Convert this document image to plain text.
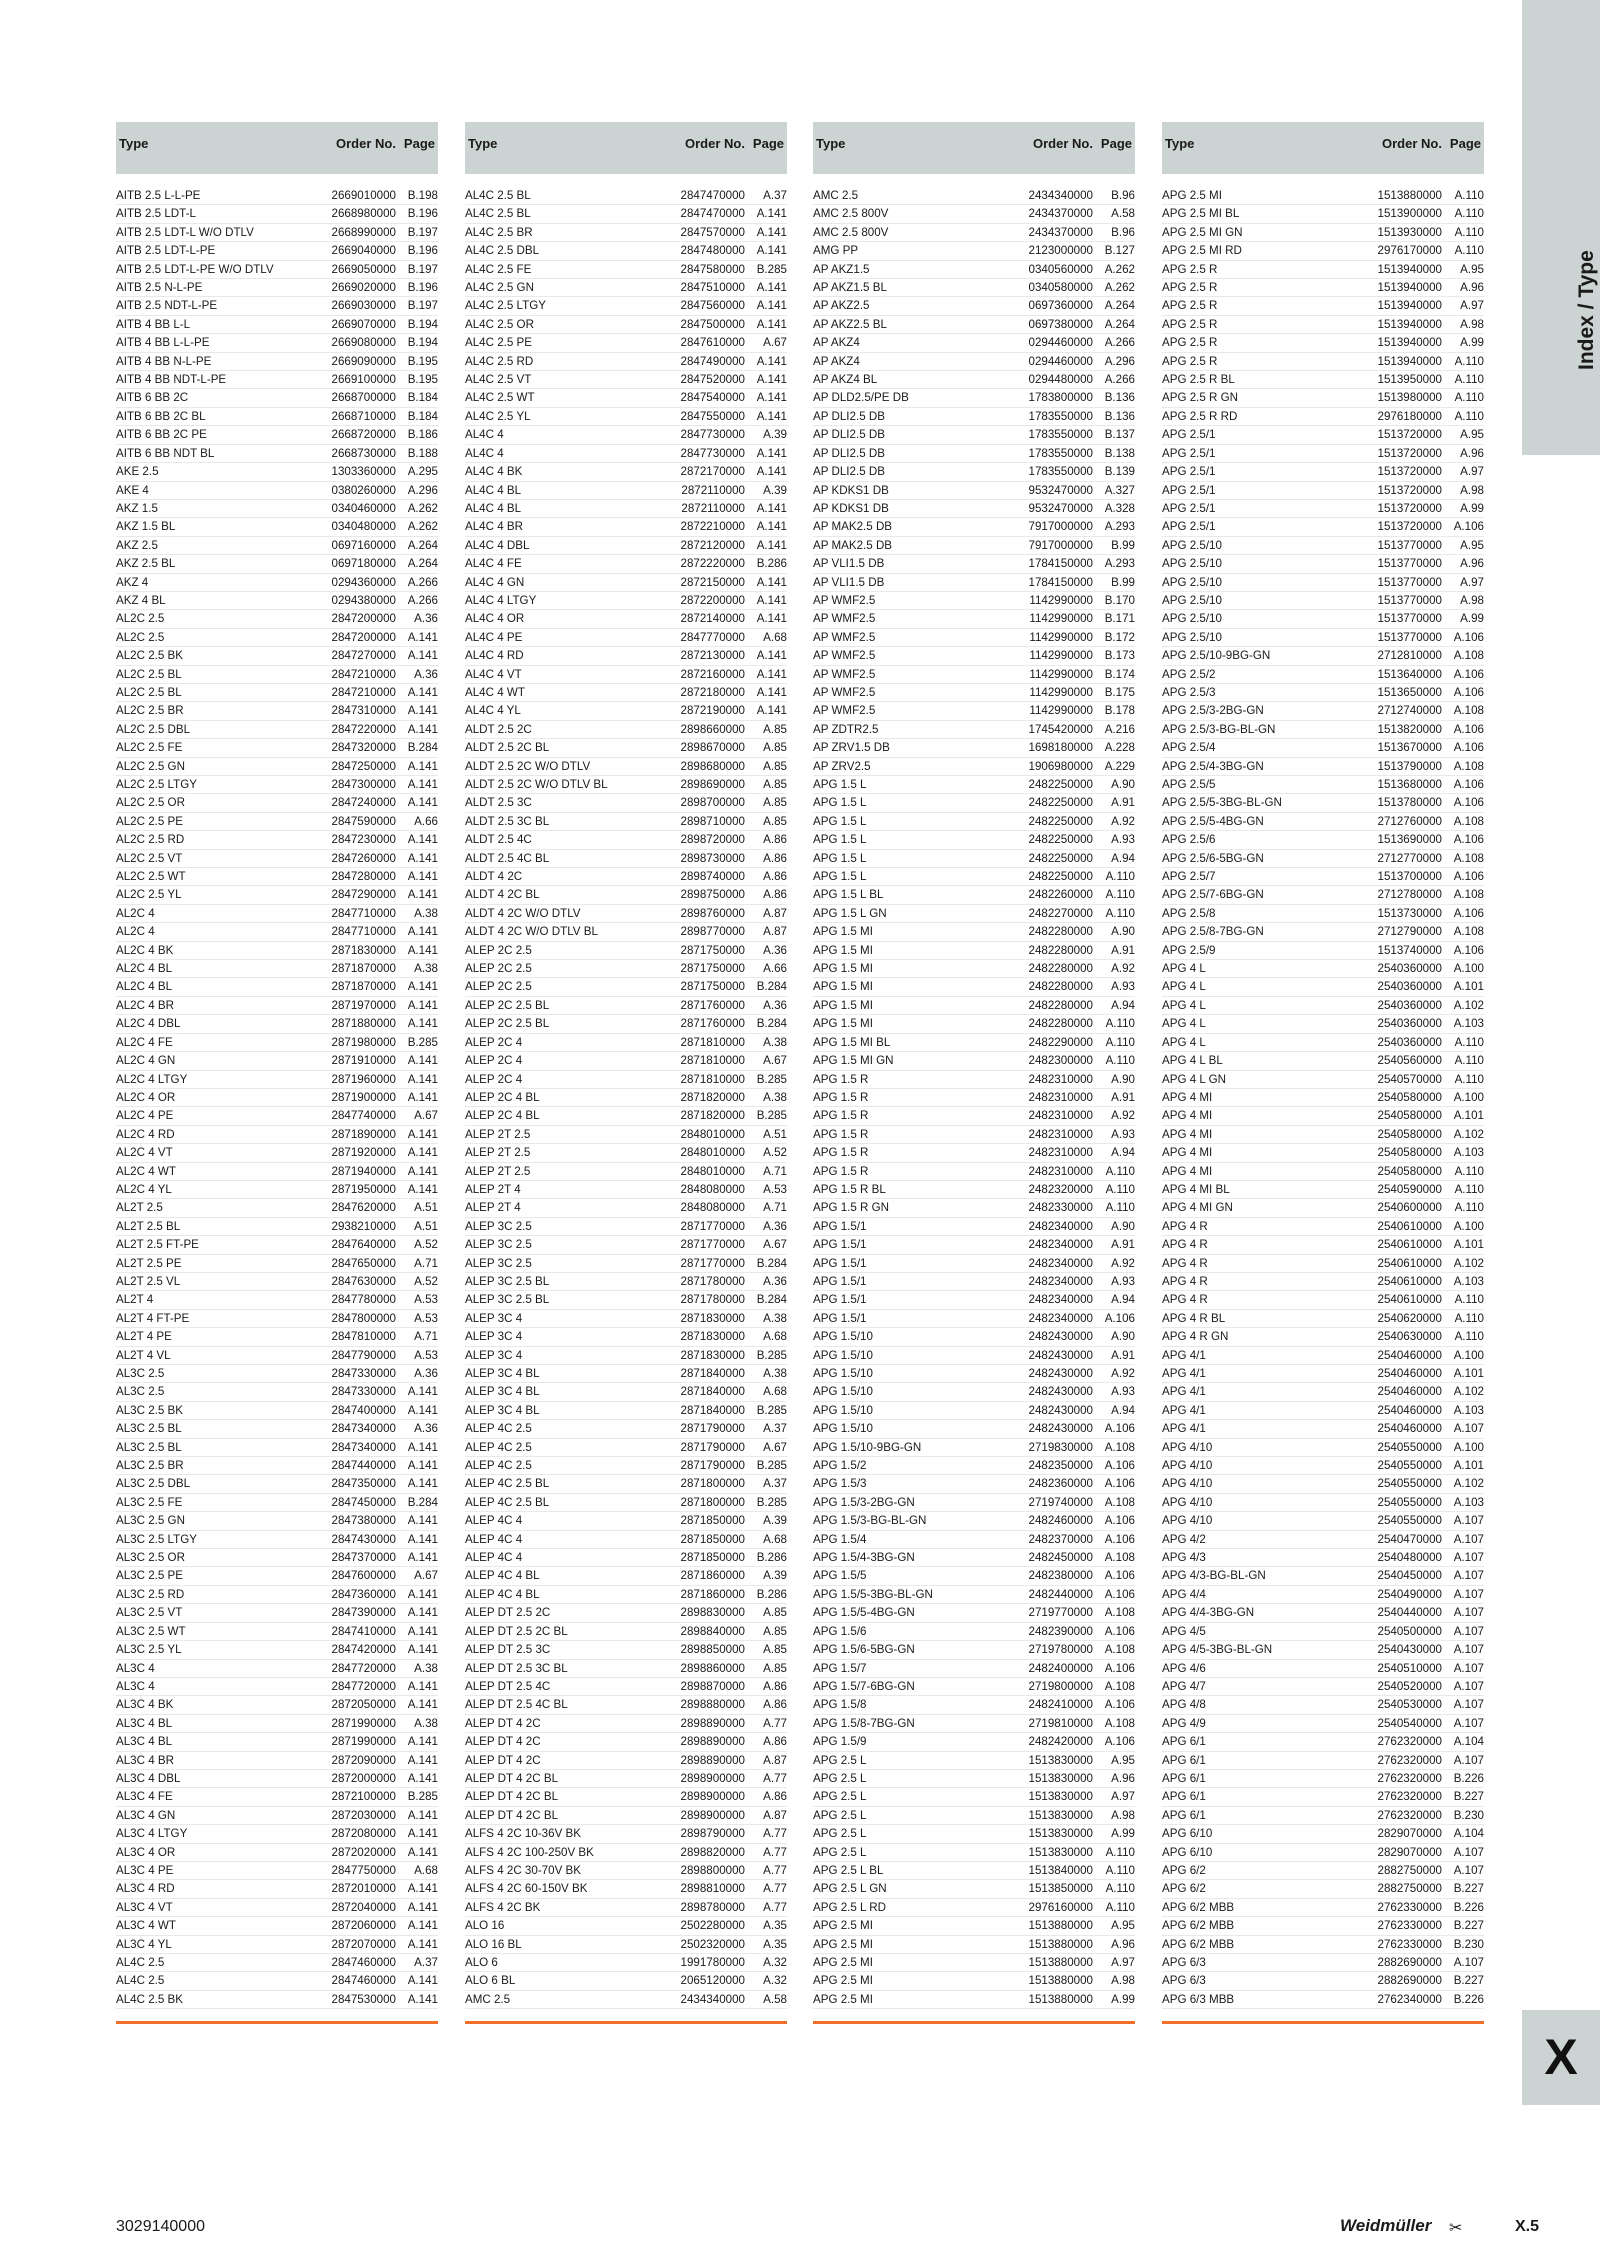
Type	Order No. Page
AITB 2.5 L-L-PE	2669010000	B.198
AITB 2.5 LDT-L	2668980000	B.196
AITB 2.5 LDT-L W/O DTLV	2668990000	B.197
AITB 2.5 LDT-L-PE	2669040000	B.196
AITB 2.5 LDT-L-PE W/O DTLV	2669050000	B.197
AITB 2.5 N-L-PE	2669020000	B.196
AITB 2.5 NDT-L-PE	2669030000	B.197
AITB 4 BB L-L	2669070000	B.194
AITB 4 BB L-L-PE	2669080000	B.194
AITB 4 BB N-L-PE	2669090000	B.195
AITB 4 BB NDT-L-PE	2669100000	B.195
AITB 6 BB 2C	2668700000	B.184
AITB 6 BB 2C BL	2668710000	B.184
AITB 6 BB 2C PE	2668720000	B.186
AITB 6 BB NDT BL	2668730000	B.188
AKE 2.5	1303360000	A.295
AKE 4	0380260000	A.296
AKZ 1.5	0340460000	A.262
AKZ 1.5 BL	0340480000	A.262
AKZ 2.5	0697160000	A.264
AKZ 2.5 BL	0697180000	A.264
AKZ 4	0294360000	A.266
AKZ 4 BL	0294380000	A.266
AL2C 2.5	2847200000	A.36
AL2C 2.5	2847200000	A.141
AL2C 2.5 BK	2847270000	A.141
AL2C 2.5 BL	2847210000	A.36
AL2C 2.5 BL	2847210000	A.141
AL2C 2.5 BR	2847310000	A.141
AL2C 2.5 DBL	2847220000	A.141
AL2C 2.5 FE	2847320000	B.284
AL2C 2.5 GN	2847250000	A.141
AL2C 2.5 LTGY	2847300000	A.141
AL2C 2.5 OR	2847240000	A.141
AL2C 2.5 PE	2847590000	A.66
AL2C 2.5 RD	2847230000	A.141
AL2C 2.5 VT	2847260000	A.141
AL2C 2.5 WT	2847280000	A.141
AL2C 2.5 YL	2847290000	A.141
AL2C 4	2847710000	A.38
AL2C 4	2847710000	A.141
AL2C 4 BK	2871830000	A.141
AL2C 4 BL	2871870000	A.38
AL2C 4 BL	2871870000	A.141
AL2C 4 BR	2871970000	A.141
AL2C 4 DBL	2871880000	A.141
AL2C 4 FE	2871980000	B.285
AL2C 4 GN	2871910000	A.141
AL2C 4 LTGY	2871960000	A.141
AL2C 4 OR	2871900000	A.141
AL2C 4 PE	2847740000	A.67
AL2C 4 RD	2871890000	A.141
AL2C 4 VT	2871920000	A.141
AL2C 4 WT	2871940000	A.141
AL2C 4 YL	2871950000	A.141
AL2T 2.5	2847620000	A.51
AL2T 2.5 BL	2938210000	A.51
AL2T 2.5 FT-PE	2847640000	A.52
AL2T 2.5 PE	2847650000	A.71
AL2T 2.5 VL	2847630000	A.52
AL2T 4	2847780000	A.53
AL2T 4 FT-PE	2847800000	A.53
AL2T 4 PE	2847810000	A.71
AL2T 4 VL	2847790000	A.53
AL3C 2.5	2847330000	A.36
AL3C 2.5	2847330000	A.141
AL3C 2.5 BK	2847400000	A.141
AL3C 2.5 BL	2847340000	A.36
AL3C 2.5 BL	2847340000	A.141
AL3C 2.5 BR	2847440000	A.141
AL3C 2.5 DBL	2847350000	A.141
AL3C 2.5 FE	2847450000	B.284
AL3C 2.5 GN	2847380000	A.141
AL3C 2.5 LTGY	2847430000	A.141
AL3C 2.5 OR	2847370000	A.141
AL3C 2.5 PE	2847600000	A.67
AL3C 2.5 RD	2847360000	A.141
AL3C 2.5 VT	2847390000	A.141
AL3C 2.5 WT	2847410000	A.141
AL3C 2.5 YL	2847420000	A.141
AL3C 4	2847720000	A.38
AL3C 4	2847720000	A.141
AL3C 4 BK	2872050000	A.141
AL3C 4 BL	2871990000	A.38
AL3C 4 BL	2871990000	A.141
AL3C 4 BR	2872090000	A.141
AL3C 4 DBL	2872000000	A.141
AL3C 4 FE	2872100000	B.285
AL3C 4 GN	2872030000	A.141
AL3C 4 LTGY	2872080000	A.141
AL3C 4 OR	2872020000	A.141
AL3C 4 PE	2847750000	A.68
AL3C 4 RD	2872010000	A.141
AL3C 4 VT	2872040000	A.141
AL3C 4 WT	2872060000	A.141
AL3C 4 YL	2872070000	A.141
AL4C 2.5	2847460000	A.37
AL4C 2.5	2847460000	A.141
AL4C 2.5 BK	2847530000	A.141
Type	Order No. Page
AL4C 2.5 BL	2847470000	A.37
AL4C 2.5 BL	2847470000	A.141
AL4C 2.5 BR	2847570000	A.141
AL4C 2.5 DBL	2847480000	A.141
AL4C 2.5 FE	2847580000	B.285
AL4C 2.5 GN	2847510000	A.141
AL4C 2.5 LTGY	2847560000	A.141
AL4C 2.5 OR	2847500000	A.141
AL4C 2.5 PE	2847610000	A.67
AL4C 2.5 RD	2847490000	A.141
AL4C 2.5 VT	2847520000	A.141
AL4C 2.5 WT	2847540000	A.141
AL4C 2.5 YL	2847550000	A.141
AL4C 4	2847730000	A.39
AL4C 4	2847730000	A.141
AL4C 4 BK	2872170000	A.141
AL4C 4 BL	2872110000	A.39
AL4C 4 BL	2872110000	A.141
AL4C 4 BR	2872210000	A.141
AL4C 4 DBL	2872120000	A.141
AL4C 4 FE	2872220000	B.286
AL4C 4 GN	2872150000	A.141
AL4C 4 LTGY	2872200000	A.141
AL4C 4 OR	2872140000	A.141
AL4C 4 PE	2847770000	A.68
AL4C 4 RD	2872130000	A.141
AL4C 4 VT	2872160000	A.141
AL4C 4 WT	2872180000	A.141
AL4C 4 YL	2872190000	A.141
ALDT 2.5 2C	2898660000	A.85
ALDT 2.5 2C BL	2898670000	A.85
ALDT 2.5 2C W/O DTLV	2898680000	A.85
ALDT 2.5 2C W/O DTLV BL	2898690000	A.85
ALDT 2.5 3C	2898700000	A.85
ALDT 2.5 3C BL	2898710000	A.85
ALDT 2.5 4C	2898720000	A.86
ALDT 2.5 4C BL	2898730000	A.86
ALDT 4 2C	2898740000	A.86
ALDT 4 2C BL	2898750000	A.86
ALDT 4 2C W/O DTLV	2898760000	A.87
ALDT 4 2C W/O DTLV BL	2898770000	A.87
ALEP 2C 2.5	2871750000	A.36
ALEP 2C 2.5	2871750000	A.66
ALEP 2C 2.5	2871750000	B.284
ALEP 2C 2.5 BL	2871760000	A.36
ALEP 2C 2.5 BL	2871760000	B.284
ALEP 2C 4	2871810000	A.38
ALEP 2C 4	2871810000	A.67
ALEP 2C 4	2871810000	B.285
ALEP 2C 4 BL	2871820000	A.38
ALEP 2C 4 BL	2871820000	B.285
ALEP 2T 2.5	2848010000	A.51
ALEP 2T 2.5	2848010000	A.52
ALEP 2T 2.5	2848010000	A.71
ALEP 2T 4	2848080000	A.53
ALEP 2T 4	2848080000	A.71
ALEP 3C 2.5	2871770000	A.36
ALEP 3C 2.5	2871770000	A.67
ALEP 3C 2.5	2871770000	B.284
ALEP 3C 2.5 BL	2871780000	A.36
ALEP 3C 2.5 BL	2871780000	B.284
ALEP 3C 4	2871830000	A.38
ALEP 3C 4	2871830000	A.68
ALEP 3C 4	2871830000	B.285
ALEP 3C 4 BL	2871840000	A.38
ALEP 3C 4 BL	2871840000	A.68
ALEP 3C 4 BL	2871840000	B.285
ALEP 4C 2.5	2871790000	A.37
ALEP 4C 2.5	2871790000	A.67
ALEP 4C 2.5	2871790000	B.285
ALEP 4C 2.5 BL	2871800000	A.37
ALEP 4C 2.5 BL	2871800000	B.285
ALEP 4C 4	2871850000	A.39
ALEP 4C 4	2871850000	A.68
ALEP 4C 4	2871850000	B.286
ALEP 4C 4 BL	2871860000	A.39
ALEP 4C 4 BL	2871860000	B.286
ALEP DT 2.5 2C	2898830000	A.85
ALEP DT 2.5 2C BL	2898840000	A.85
ALEP DT 2.5 3C	2898850000	A.85
ALEP DT 2.5 3C BL	2898860000	A.85
ALEP DT 2.5 4C	2898870000	A.86
ALEP DT 2.5 4C BL	2898880000	A.86
ALEP DT 4 2C	2898890000	A.77
ALEP DT 4 2C	2898890000	A.86
ALEP DT 4 2C	2898890000	A.87
ALEP DT 4 2C BL	2898900000	A.77
ALEP DT 4 2C BL	2898900000	A.86
ALEP DT 4 2C BL	2898900000	A.87
ALFS 4 2C 10-36V BK	2898790000	A.77
ALFS 4 2C 100-250V BK	2898820000	A.77
ALFS 4 2C 30-70V BK	2898800000	A.77
ALFS 4 2C 60-150V BK	2898810000	A.77
ALFS 4 2C BK	2898780000	A.77
ALO 16	2502280000	A.35
ALO 16 BL	2502320000	A.35
ALO 6	1991780000	A.32
ALO 6 BL	2065120000	A.32
AMC 2.5	2434340000	A.58
Type	Order No. Page
AMC 2.5	2434340000	B.96
AMC 2.5 800V	2434370000	A.58
AMC 2.5 800V	2434370000	B.96
AMG PP	2123000000	B.127
AP AKZ1.5	0340560000	A.262
AP AKZ1.5 BL	0340580000	A.262
AP AKZ2.5	0697360000	A.264
AP AKZ2.5 BL	0697380000	A.264
AP AKZ4	0294460000	A.266
AP AKZ4	0294460000	A.296
AP AKZ4 BL	0294480000	A.266
AP DLD2.5/PE DB	1783800000	B.136
AP DLI2.5 DB	1783550000	B.136
AP DLI2.5 DB	1783550000	B.137
AP DLI2.5 DB	1783550000	B.138
AP DLI2.5 DB	1783550000	B.139
AP KDKS1 DB	9532470000	A.327
AP KDKS1 DB	9532470000	A.328
AP MAK2.5 DB	7917000000	A.293
AP MAK2.5 DB	7917000000	B.99
AP VLI1.5 DB	1784150000	A.293
AP VLI1.5 DB	1784150000	B.99
AP WMF2.5	1142990000	B.170
AP WMF2.5	1142990000	B.171
AP WMF2.5	1142990000	B.172
AP WMF2.5	1142990000	B.173
AP WMF2.5	1142990000	B.174
AP WMF2.5	1142990000	B.175
AP WMF2.5	1142990000	B.178
AP ZDTR2.5	1745420000	A.216
AP ZRV1.5 DB	1698180000	A.228
AP ZRV2.5	1906980000	A.229
APG 1.5 L	2482250000	A.90
APG 1.5 L	2482250000	A.91
APG 1.5 L	2482250000	A.92
APG 1.5 L	2482250000	A.93
APG 1.5 L	2482250000	A.94
APG 1.5 L	2482250000	A.110
APG 1.5 L BL	2482260000	A.110
APG 1.5 L GN	2482270000	A.110
APG 1.5 MI	2482280000	A.90
APG 1.5 MI	2482280000	A.91
APG 1.5 MI	2482280000	A.92
APG 1.5 MI	2482280000	A.93
APG 1.5 MI	2482280000	A.94
APG 1.5 MI	2482280000	A.110
APG 1.5 MI BL	2482290000	A.110
APG 1.5 MI GN	2482300000	A.110
APG 1.5 R	2482310000	A.90
APG 1.5 R	2482310000	A.91
APG 1.5 R	2482310000	A.92
APG 1.5 R	2482310000	A.93
APG 1.5 R	2482310000	A.94
APG 1.5 R	2482310000	A.110
APG 1.5 R BL	2482320000	A.110
APG 1.5 R GN	2482330000	A.110
APG 1.5/1	2482340000	A.90
APG 1.5/1	2482340000	A.91
APG 1.5/1	2482340000	A.92
APG 1.5/1	2482340000	A.93
APG 1.5/1	2482340000	A.94
APG 1.5/1	2482340000	A.106
APG 1.5/10	2482430000	A.90
APG 1.5/10	2482430000	A.91
APG 1.5/10	2482430000	A.92
APG 1.5/10	2482430000	A.93
APG 1.5/10	2482430000	A.94
APG 1.5/10	2482430000	A.106
APG 1.5/10-9BG-GN	2719830000	A.108
APG 1.5/2	2482350000	A.106
APG 1.5/3	2482360000	A.106
APG 1.5/3-2BG-GN	2719740000	A.108
APG 1.5/3-BG-BL-GN	2482460000	A.106
APG 1.5/4	2482370000	A.106
APG 1.5/4-3BG-GN	2482450000	A.108
APG 1.5/5	2482380000	A.106
APG 1.5/5-3BG-BL-GN	2482440000	A.106
APG 1.5/5-4BG-GN	2719770000	A.108
APG 1.5/6	2482390000	A.106
APG 1.5/6-5BG-GN	2719780000	A.108
APG 1.5/7	2482400000	A.106
APG 1.5/7-6BG-GN	2719800000	A.108
APG 1.5/8	2482410000	A.106
APG 1.5/8-7BG-GN	2719810000	A.108
APG 1.5/9	2482420000	A.106
APG 2.5 L	1513830000	A.95
APG 2.5 L	1513830000	A.96
APG 2.5 L	1513830000	A.97
APG 2.5 L	1513830000	A.98
APG 2.5 L	1513830000	A.99
APG 2.5 L	1513830000	A.110
APG 2.5 L BL	1513840000	A.110
APG 2.5 L GN	1513850000	A.110
APG 2.5 L RD	2976160000	A.110
APG 2.5 MI	1513880000	A.95
APG 2.5 MI	1513880000	A.96
APG 2.5 MI	1513880000	A.97
APG 2.5 MI	1513880000	A.98
APG 2.5 MI	1513880000	A.99
Type	Order No. Page
APG 2.5 MI	1513880000	A.110
APG 2.5 MI BL	1513900000	A.110
APG 2.5 MI GN	1513930000	A.110
APG 2.5 MI RD	2976170000	A.110
APG 2.5 R	1513940000	A.95
APG 2.5 R	1513940000	A.96
APG 2.5 R	1513940000	A.97
APG 2.5 R	1513940000	A.98
APG 2.5 R	1513940000	A.99
APG 2.5 R	1513940000	A.110
APG 2.5 R BL	1513950000	A.110
APG 2.5 R GN	1513980000	A.110
APG 2.5 R RD	2976180000	A.110
APG 2.5/1	1513720000	A.95
APG 2.5/1	1513720000	A.96
APG 2.5/1	1513720000	A.97
APG 2.5/1	1513720000	A.98
APG 2.5/1	1513720000	A.99
APG 2.5/1	1513720000	A.106
APG 2.5/10	1513770000	A.95
APG 2.5/10	1513770000	A.96
APG 2.5/10	1513770000	A.97
APG 2.5/10	1513770000	A.98
APG 2.5/10	1513770000	A.99
APG 2.5/10	1513770000	A.106
APG 2.5/10-9BG-GN	2712810000	A.108
APG 2.5/2	1513640000	A.106
APG 2.5/3	1513650000	A.106
APG 2.5/3-2BG-GN	2712740000	A.108
APG 2.5/3-BG-BL-GN	1513820000	A.106
APG 2.5/4	1513670000	A.106
APG 2.5/4-3BG-GN	1513790000	A.108
APG 2.5/5	1513680000	A.106
APG 2.5/5-3BG-BL-GN	1513780000	A.106
APG 2.5/5-4BG-GN	2712760000	A.108
APG 2.5/6	1513690000	A.106
APG 2.5/6-5BG-GN	2712770000	A.108
APG 2.5/7	1513700000	A.106
APG 2.5/7-6BG-GN	2712780000	A.108
APG 2.5/8	1513730000	A.106
APG 2.5/8-7BG-GN	2712790000	A.108
APG 2.5/9	1513740000	A.106
APG 4 L	2540360000	A.100
APG 4 L	2540360000	A.101
APG 4 L	2540360000	A.102
APG 4 L	2540360000	A.103
APG 4 L	2540360000	A.110
APG 4 L BL	2540560000	A.110
APG 4 L GN	2540570000	A.110
APG 4 MI	2540580000	A.100
APG 4 MI	2540580000	A.101
APG 4 MI	2540580000	A.102
APG 4 MI	2540580000	A.103
APG 4 MI	2540580000	A.110
APG 4 MI BL	2540590000	A.110
APG 4 MI GN	2540600000	A.110
APG 4 R	2540610000	A.100
APG 4 R	2540610000	A.101
APG 4 R	2540610000	A.102
APG 4 R	2540610000	A.103
APG 4 R	2540610000	A.110
APG 4 R BL	2540620000	A.110
APG 4 R GN	2540630000	A.110
APG 4/1	2540460000	A.100
APG 4/1	2540460000	A.101
APG 4/1	2540460000	A.102
APG 4/1	2540460000	A.103
APG 4/1	2540460000	A.107
APG 4/10	2540550000	A.100
APG 4/10	2540550000	A.101
APG 4/10	2540550000	A.102
APG 4/10	2540550000	A.103
APG 4/10	2540550000	A.107
APG 4/2	2540470000	A.107
APG 4/3	2540480000	A.107
APG 4/3-BG-BL-GN	2540450000	A.107
APG 4/4	2540490000	A.107
APG 4/4-3BG-GN	2540440000	A.107
APG 4/5	2540500000	A.107
APG 4/5-3BG-BL-GN	2540430000	A.107
APG 4/6	2540510000	A.107
APG 4/7	2540520000	A.107
APG 4/8	2540530000	A.107
APG 4/9	2540540000	A.107
APG 6/1	2762320000	A.104
APG 6/1	2762320000	A.107
APG 6/1	2762320000	B.226
APG 6/1	2762320000	B.227
APG 6/1	2762320000	B.230
APG 6/10	2829070000	A.104
APG 6/10	2829070000	A.107
APG 6/2	2882750000	A.107
APG 6/2	2882750000	B.227
APG 6/2 MBB	2762330000	B.226
APG 6/2 MBB	2762330000	B.227
APG 6/2 MBB	2762330000	B.230
APG 6/3	2882690000	A.107
APG 6/3	2882690000	B.227
APG 6/3 MBB	2762340000	B.226
Index / Type
X
3029140000	Weidmüller ✂	X.5
